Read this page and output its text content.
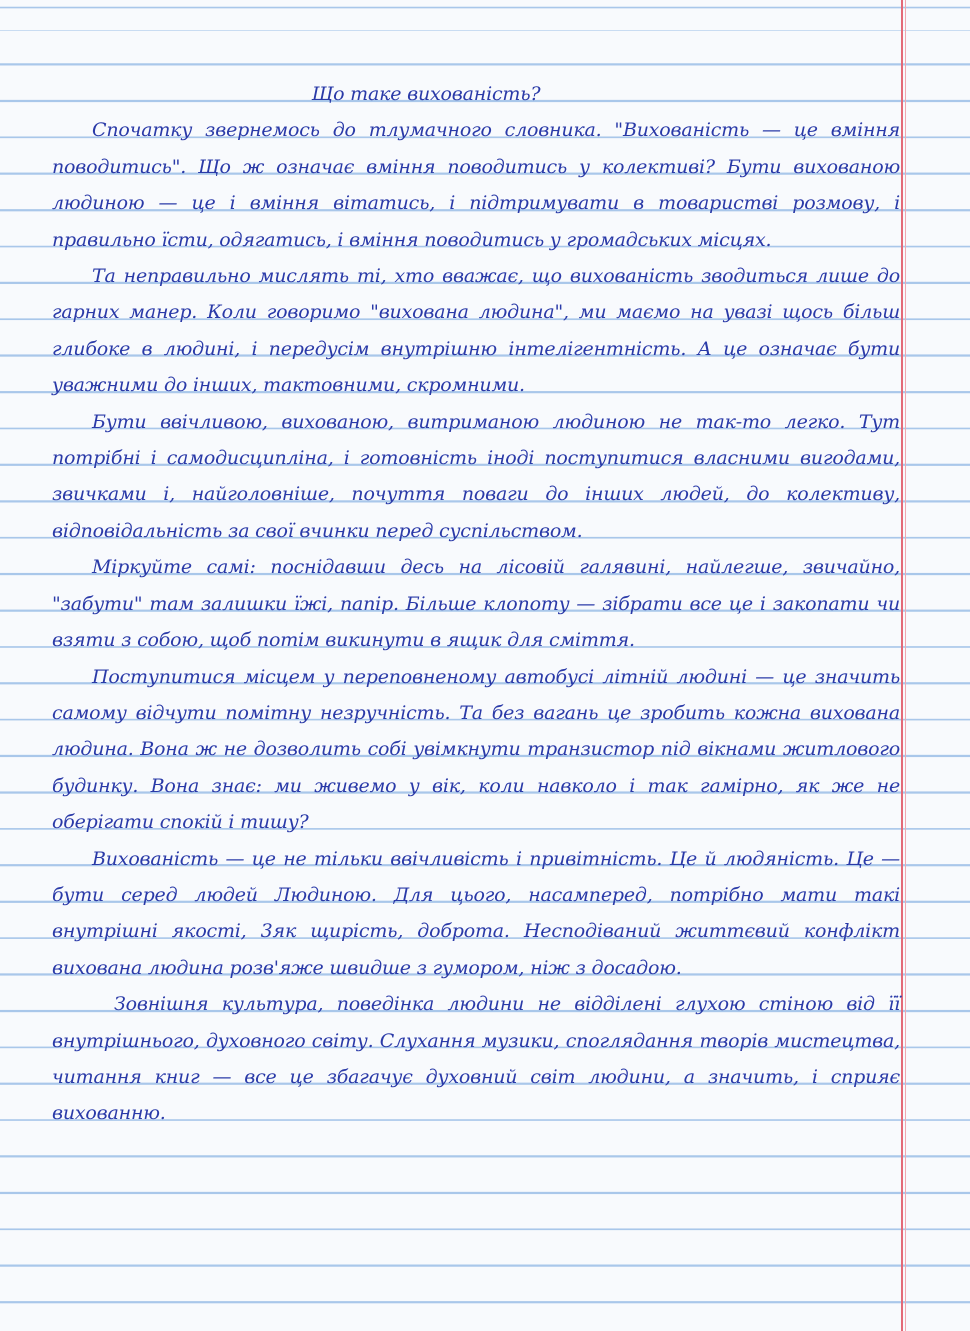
Що таке вихованість?

Спочатку звернемось до тлумачного словника. "Вихованість — це вміння поводитись". Що ж означає вміння поводитись у колективі? Бути вихованою людиною — це і вміння вітатись, і підтримувати в товаристві розмову, і правильно їсти, одягатись, і вміння поводитись у громадських місцях.

Та неправильно мислять ті, хто вважає, що вихованість зводиться лише до гарних манер. Коли говоримо "вихована людина", ми маємо на увазі щось більш глибоке в людині, і передусім внутрішню інтелігентність. А це означає бути уважними до інших, тактовними, скромними.

Бути ввічливою, вихованою, витриманою людиною не так-то легко. Тут потрібні і самодисципліна, і готовність іноді поступитися власними вигодами, звичками і, найголовніше, почуття поваги до інших людей, до колективу, відповідальність за свої вчинки перед суспільством.

Міркуйте самі: поснідавши десь на лісовій галявині, найлегше, звичайно, "забути" там залишки їжі, папір. Більше клопоту — зібрати все це і закопати чи взяти з собою, щоб потім викинути в ящик для сміття.

Поступитися місцем у переповненому автобусі літній людині — це значить самому відчути помітну незручність. Та без вагань це зробить кожна вихована людина. Вона ж не дозволить собі увімкнути транзистор під вікнами житлового будинку. Вона знає: ми живемо у вік, коли навколо і так гамірно, як же не оберігати спокій і тишу?

Вихованість — це не тільки ввічливість і привітність. Це й людяність. Це — бути серед людей Людиною. Для цього, насамперед, потрібно мати такі внутрішні якості, 3як щирість, доброта. Несподіваний життєвий конфлікт вихована людина розв'яже швидше з гумором, ніж з досадою.

Зовнішня культура, поведінка людини не відділені глухою стіною від її внутрішнього, духовного світу. Слухання музики, споглядання творів мистецтва, читання книг — все це збагачує духовний світ людини, а значить, і сприяє вихованню.
